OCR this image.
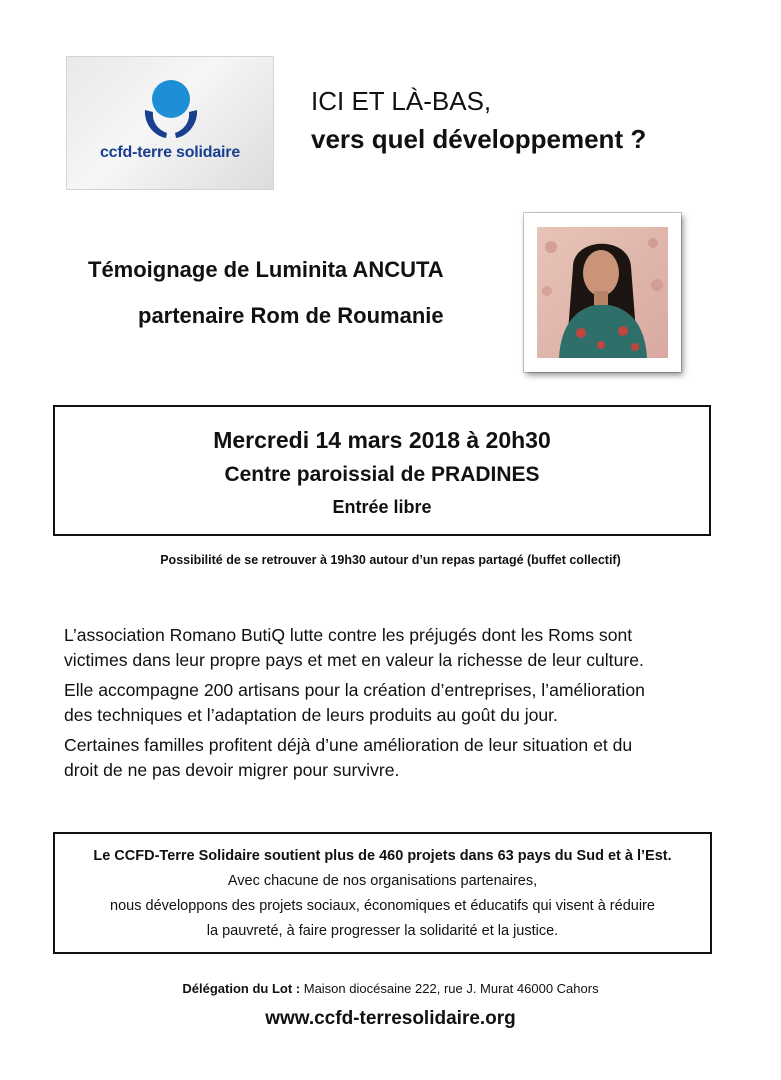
ccfd-terre solidaire
ICI ET LÀ-BAS,
vers quel développement ?
Témoignage de Luminita ANCUTA
partenaire Rom de Roumanie
Mercredi 14 mars 2018 à 20h30
Centre paroissial de PRADINES
Entrée libre
Possibilité de se retrouver à 19h30 autour d’un repas partagé (buffet collectif)
L’association Romano ButiQ lutte contre les préjugés dont les Roms sont
victimes dans leur propre pays et met en valeur la richesse de leur culture.
Elle accompagne 200 artisans pour la création d’entreprises, l’amélioration
des techniques et l’adaptation de leurs produits au goût du jour.
Certaines familles profitent déjà d’une amélioration de leur situation et du
droit de ne pas devoir migrer pour survivre.
Le CCFD-Terre Solidaire soutient plus de 460 projets dans 63 pays du Sud et à l’Est.
Avec chacune de nos organisations partenaires,
nous développons des projets sociaux, économiques et éducatifs qui visent à réduire
la pauvreté, à faire progresser la solidarité et la justice.
Délégation du Lot : Maison diocésaine 222, rue J. Murat 46000 Cahors
www.ccfd-terresolidaire.org
